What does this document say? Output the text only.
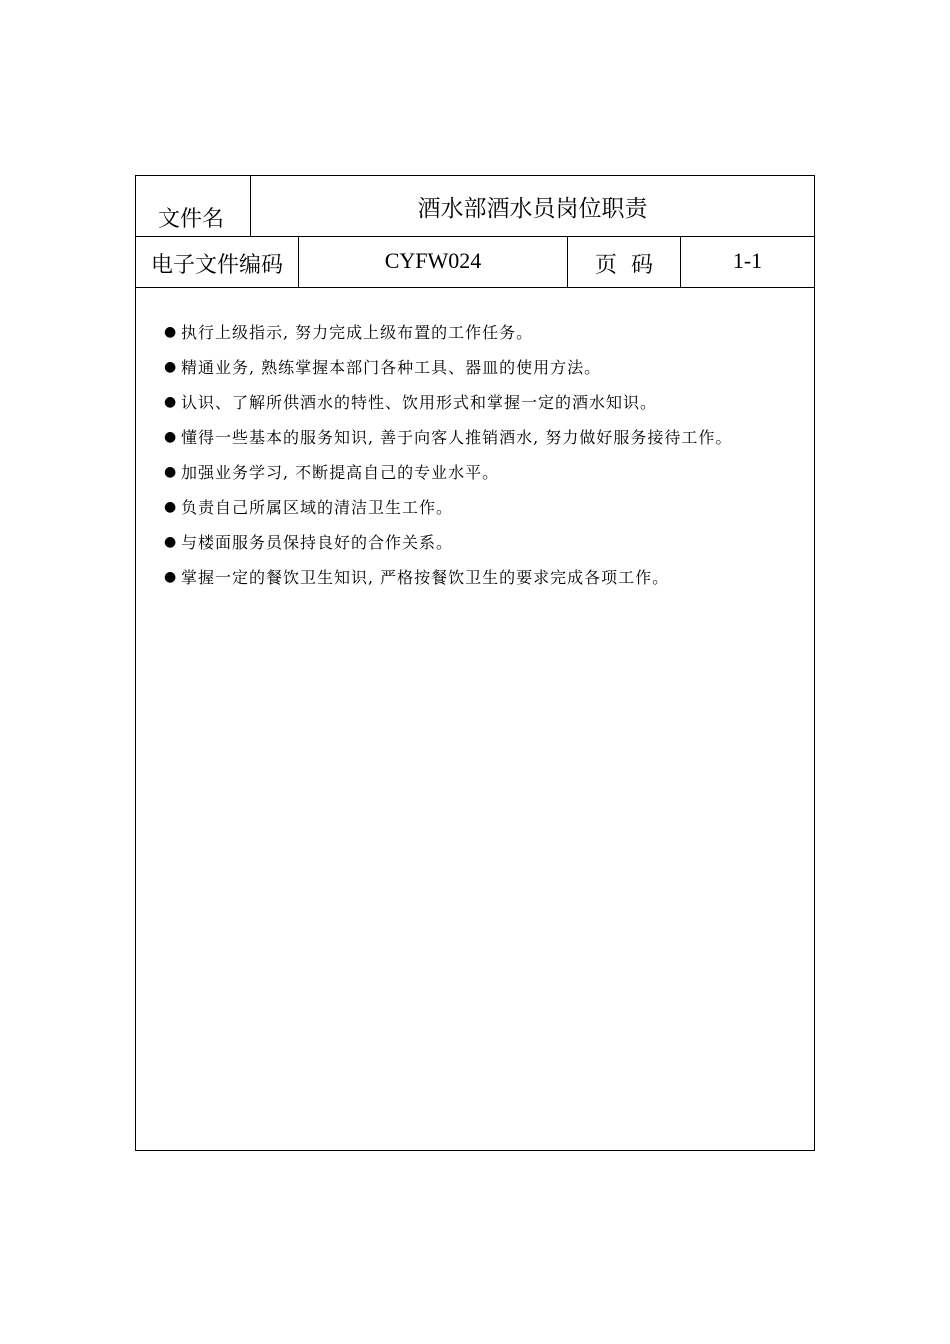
文件名	酒水部酒水员岗位职责
电子文件编码	CYFW024	页  码	1-1
● 执行上级指示, 努力完成上级布置的工作任务。
● 精通业务, 熟练掌握本部门各种工具、器皿的使用方法。
● 认识、了解所供酒水的特性、饮用形式和掌握一定的酒水知识。
● 懂得一些基本的服务知识, 善于向客人推销酒水, 努力做好服务接待工作。
● 加强业务学习, 不断提高自己的专业水平。
● 负责自己所属区域的清洁卫生工作。
● 与楼面服务员保持良好的合作关系。
● 掌握一定的餐饮卫生知识, 严格按餐饮卫生的要求完成各项工作。
